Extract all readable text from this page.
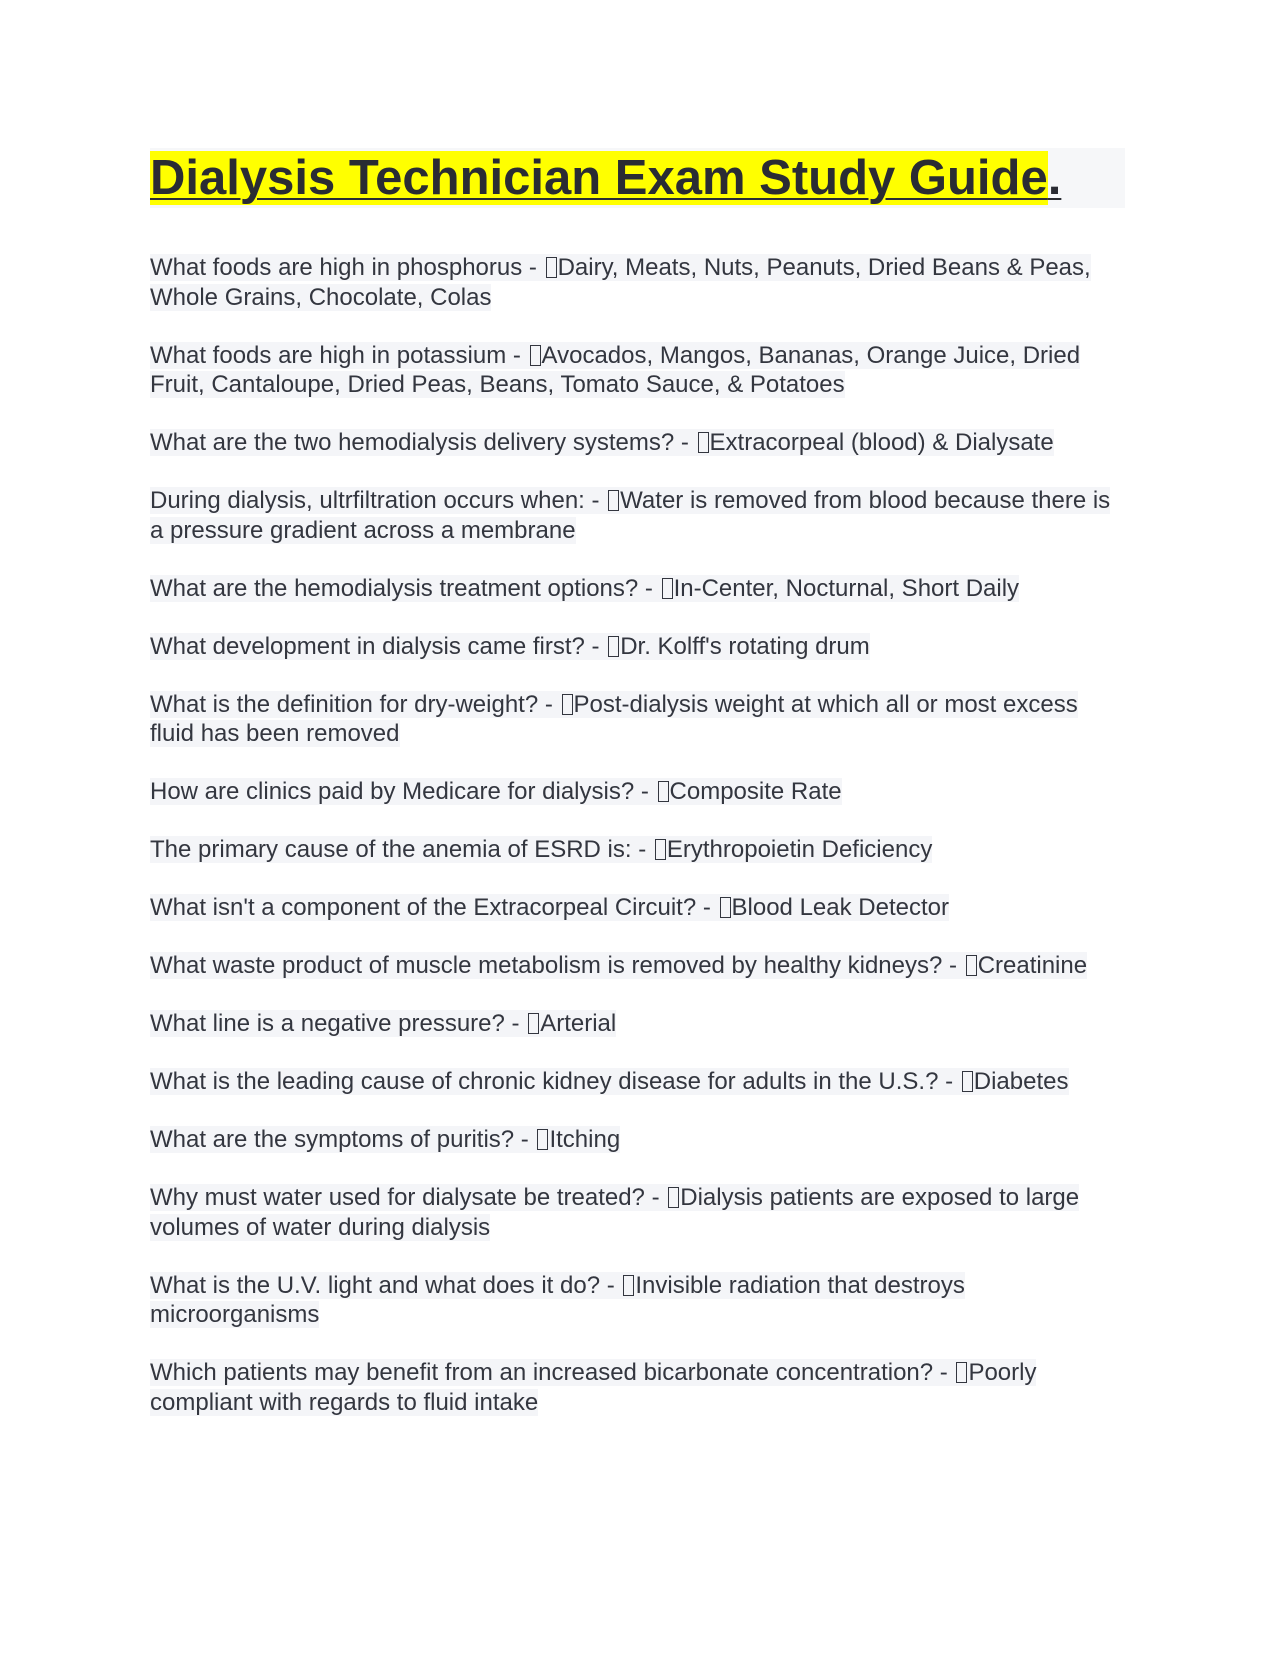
Dialysis Technician Exam Study Guide.
What foods are high in phosphorus - Dairy, Meats, Nuts, Peanuts, Dried Beans & Peas, Whole Grains, Chocolate, Colas
What foods are high in potassium - Avocados, Mangos, Bananas, Orange Juice, Dried Fruit, Cantaloupe, Dried Peas, Beans, Tomato Sauce, & Potatoes
What are the two hemodialysis delivery systems? - Extracorpeal (blood) & Dialysate
During dialysis, ultrfiltration occurs when: - Water is removed from blood because there is a pressure gradient across a membrane
What are the hemodialysis treatment options? - In-Center, Nocturnal, Short Daily
What development in dialysis came first? - Dr. Kolff's rotating drum
What is the definition for dry-weight? - Post-dialysis weight at which all or most excess fluid has been removed
How are clinics paid by Medicare for dialysis? - Composite Rate
The primary cause of the anemia of ESRD is: - Erythropoietin Deficiency
What isn't a component of the Extracorpeal Circuit? - Blood Leak Detector
What waste product of muscle metabolism is removed by healthy kidneys? - Creatinine
What line is a negative pressure? - Arterial
What is the leading cause of chronic kidney disease for adults in the U.S.? - Diabetes
What are the symptoms of puritis? - Itching
Why must water used for dialysate be treated? - Dialysis patients are exposed to large volumes of water during dialysis
What is the U.V. light and what does it do? - Invisible radiation that destroys microorganisms
Which patients may benefit from an increased bicarbonate concentration? - Poorly compliant with regards to fluid intake
